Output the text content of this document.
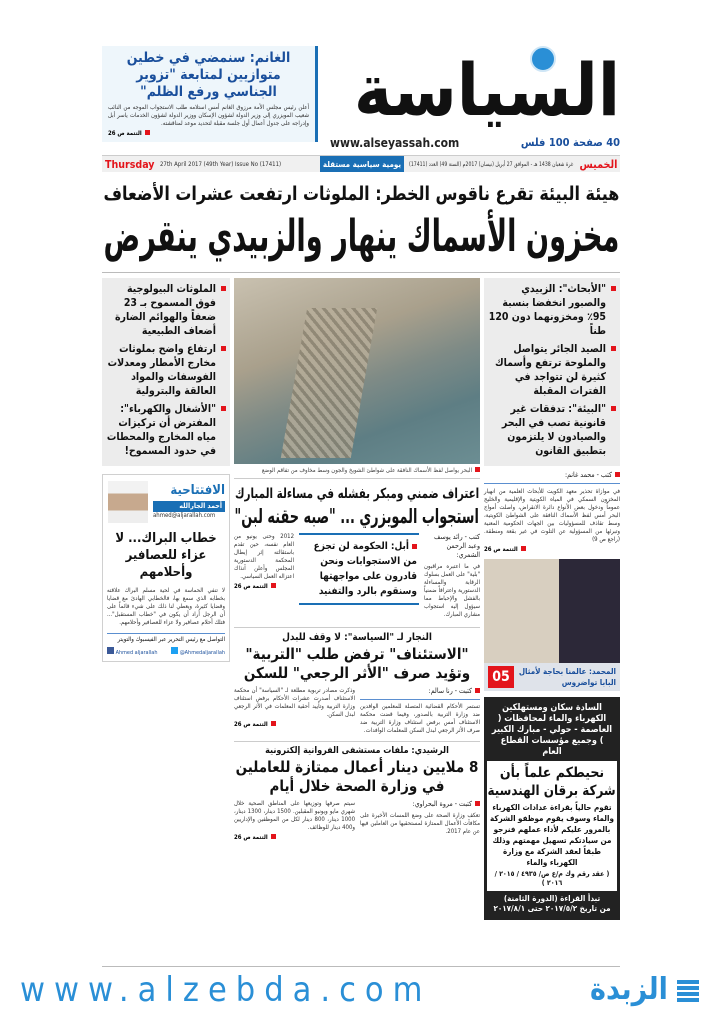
السياسة
الغانم: سنمضي في خطين متوازيين لمتابعة "تزوير الجناسي ورفع الظلم"

أعلن رئيس مجلس الأمة مرزوق الغانم أمس استلامه طلب الاستجواب الموجه من النائب شعيب المويزري إلى وزير الدولة لشؤون الإسكان ووزير الدولة لشؤون الخدمات ياسر أبل وإدراجه على جدول أعمال أول جلسة مقبلة لتحديد موعد لمناقشته.

التتمة ص 26
www.alseyassah.com	40 صفحة 100 فلس
Thursday 27th April 2017 (49th Year) Issue No (17411)	يومية سياسية مستقلة غرة شعبان 1438 هـ - الموافق 27 أبريل (نيسان) 2017م (السنة 49) العدد (17411) الخميس
هيئة البيئة تقرع ناقوس الخطر: الملوثات ارتفعت عشرات الأضعاف
مخزون الأسماك ينهار والزبيدي ينقرض
الملوثات البيولوجية فوق المسموح بـ 23 ضعفاً والهوائم الضارة أضعاف الطبيعية
ارتفاع واضح بملوثات مخارج الأمطار ومعدلات الفوسفات والمواد العالقة والبترولية
"الأشغال والكهرباء": المفترض أن تركيزات مياه المخارج والمحطات في حدود المسموح!
الافتتاحية
أحمد الجارالله
ahmed@aljarallah.com
خطاب البراك... لا عزاء للعصافير وأحلامهم
لا تنفي الحماسة في لحية مسلم البراك علاقته بخطابه الذي سمع بها، فالخطابي الهادئ مع قضايا وقضايا كثيرة، ويعطي لنا ذلك على شيء قائماً على أن الرجل أراد أن يكون في "خطاب المستقبل"... فتلك أحلام عصافير ولا عزاء للعصافير وأحلامهم.
التواصل مع رئيس التحرير عبر الفيسبوك والتويتر
Ahmed aljarallah	@Ahmedaljarallah
البحر يواصل لفظ الأسماك النافقة على شواطئ الشويخ والجون وسط مخاوف من تفاقم الوضع
اعتراف ضمني ومبكر بفشله في مساءلة المبارك
استجواب المويزري ... "صبه حقنه لبن"
كتب - رائد يوسف وعبد الرحمن الشمري:
في ما اعتبره مراقبون "بلية" على العمل بسلوك الرقابة والمساءلة الدستورية واعترافاً ضمنياً بالفشل والإحباط مما سيؤول إليه استجواب مشاري المبارك.
أبل: الحكومة لن تجزع من الاستجوابات ونحن قادرون على مواجهتها وسنقوم بالرد والتفنيد
2012 وحتى يونيو من العام نفسه، حين تقدم باستقالته إثر إبطال المحكمة الدستورية المجلس وأعلن آنذاك اعتزاله العمل السياسي.
التتمة ص 26
النجار لـ "السياسة": لا وقف للبدل
"الاستئناف" ترفض طلب "التربية" وتؤيد صرف "الأثر الرجعي" للسكن
كتبت - رنا سالم:
تستمر الأحكام القضائية المتصلة للمعلمين الوافدين ضد وزارة التربية بالصدور، وفيما قضت محكمة الاستئناف أمس برفض استئناف وزارة التربية ضد صرف الأثر الرجعي لبدل السكن للمعلمات الوافدات.
وذكرت مصادر تربوية مطلعة لـ "السياسة" أن محكمة الاستئناف أصدرت عشرات الأحكام برفض استئناف وزارة التربية وتأييد أحقية المعلمات في الأثر الرجعي لبدل السكن.
التتمة ص 26
الرشيدي: ملفات مستشفى الفروانية إلكترونية
8 ملايين دينار أعمال ممتازة للعاملين في وزارة الصحة خلال أيام
كتبت - مروة البحراوي:
تعكف وزارة الصحة على وضع اللمسات الأخيرة على مكافآت الأعمال الممتازة لمستحقيها من العاملين فيها عن عام 2017.
سيتم صرفها وتوزيعها على المناطق الصحية خلال شهري مايو ويونيو المقبلين. 1500 دينار، 1300 دينار، 1000 دينار، 800 دينار لكل من الموظفين والإداريين و400 دينار للوظائف.
التتمة ص 26
"الأبحاث": الزبيدي والصبور انخفضا بنسبة 95٪ ومخزونهما دون 120 طناً
الصيد الجائر يتواصل والملوحة ترتفع وأسماك كثيرة لن تتواجد في الفترات المقبلة
"البيئة": تدفقات غير قانونية تصب في البحر والصيادون لا يلتزمون بتطبيق القانون
كتب - محمد غانم:
في موازاة تحذير معهد الكويت للأبحاث العلمية من انهيار المخزون السمكي في المياه الكويتية والإقليمية والخليج عموماً ودخول بعض الأنواع دائرة الانقراض، واصلت أمواج البحر أمس لفظ الأسماك النافقة على الشواطئ الكويتية، وسط تقاذف للمسؤوليات بين الجهات الحكومية المعنية وتبرئها من المسؤولية عن التلوث في غير بقعة ومنطقة. (راجع ص 9)
التتمة ص 26
المحمد: عالمنا بحاجة لأمثال البابا تواضروس
05
السادة سكان ومستهلكين الكهرباء والماء لمحافظات ( العاصمة - حولي - مبارك الكبير ) وجميع مؤسسات القطاع العام
نحيطكم علماً بأن
شركة برقان الهندسية
تقوم حالياً بقراءة عدادات الكهرباء والماء وسوف يقوم موظفو الشركة بالمرور عليكم لأداء عملهم فنرجو من سيادتكم تسهيل مهمتهم وذلك طبقاً لعقد الشركة مع وزارة الكهرباء والماء
( عقد رقم وك م/ع ص/ ٤٩٣٥ / ٢٠١٥ / ٢٠١٦ )
تبدأ القراءة (الدورة الثامنة)
من تاريخ ٢٠١٧/٥/٢ حتى ٢٠١٧/٨/١
www.alzebda.com	الزبدة
